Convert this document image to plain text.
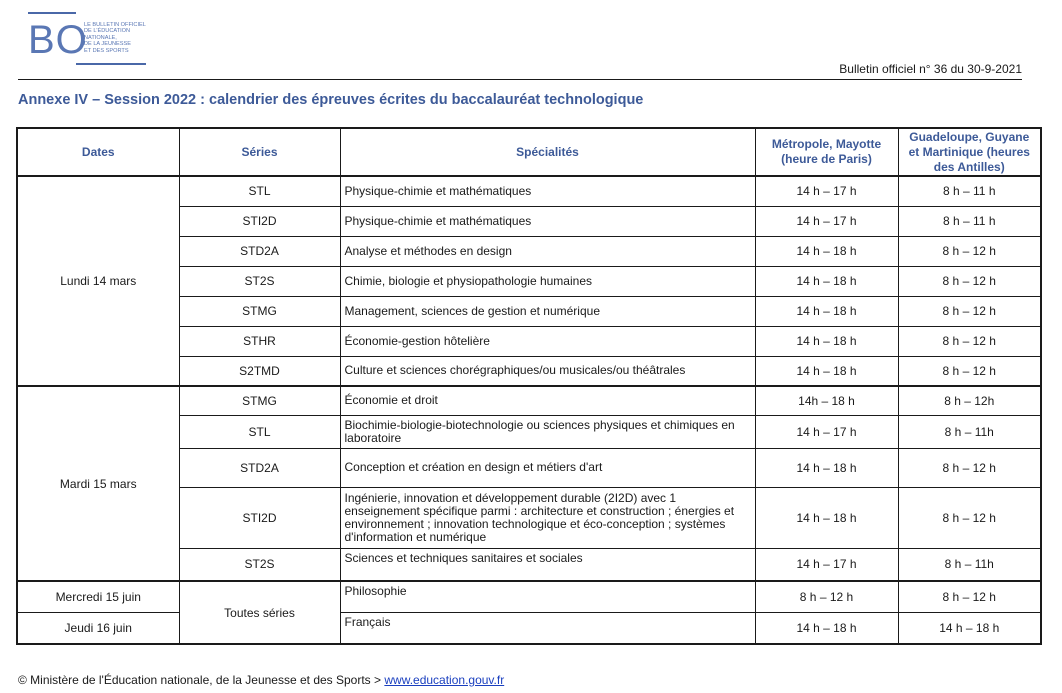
BO
LE BULLETIN OFFICIEL
DE L'ÉDUCATION
NATIONALE,
DE LA JEUNESSE
ET DES SPORTS
Bulletin officiel n° 36 du 30-9-2021
Annexe IV – Session 2022 : calendrier des épreuves écrites du baccalauréat technologique
Dates	Séries	Spécialités	Métropole, Mayotte (heure de Paris)	Guadeloupe, Guyane et Martinique (heures des Antilles)
Lundi 14 mars	STL	Physique-chimie et mathématiques	14 h – 17 h	8 h – 11 h
	STI2D	Physique-chimie et mathématiques	14 h – 17 h	8 h – 11 h
	STD2A	Analyse et méthodes en design	14 h – 18 h	8 h – 12 h
	ST2S	Chimie, biologie et physiopathologie humaines	14 h – 18 h	8 h – 12 h
	STMG	Management, sciences de gestion et numérique	14 h – 18 h	8 h – 12 h
	STHR	Économie-gestion hôtelière	14 h – 18 h	8 h – 12 h
	S2TMD	Culture et sciences chorégraphiques/ou musicales/ou théâtrales	14 h – 18 h	8 h – 12 h
Mardi 15 mars	STMG	Économie et droit	14h – 18 h	8 h – 12h
	STL	Biochimie-biologie-biotechnologie ou sciences physiques et chimiques en laboratoire	14 h – 17 h	8 h – 11h
	STD2A	Conception et création en design et métiers d'art	14 h – 18 h	8 h – 12 h
	STI2D	Ingénierie, innovation et développement durable (2I2D) avec 1 enseignement spécifique parmi : architecture et construction ; énergies et environnement ; innovation technologique et éco-conception ; systèmes d'information et numérique	14 h – 18 h	8 h – 12 h
	ST2S	Sciences et techniques sanitaires et sociales	14 h – 17 h	8 h – 11h
Mercredi 15 juin	Toutes séries	Philosophie	8 h – 12 h	8 h – 12 h
Jeudi 16 juin		Français	14 h – 18 h	14 h – 18 h
© Ministère de l'Éducation nationale, de la Jeunesse et des Sports > www.education.gouv.fr
